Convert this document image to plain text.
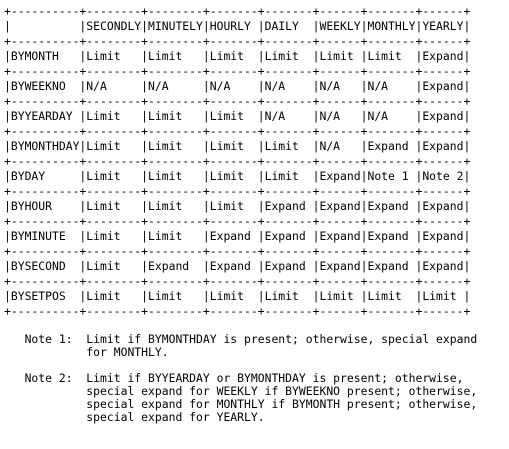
+----------+--------+--------+-------+-------+------+-------+------+
|          |SECONDLY|MINUTELY|HOURLY |DAILY  |WEEKLY|MONTHLY|YEARLY|
+----------+--------+--------+-------+-------+------+-------+------+
|BYMONTH   |Limit   |Limit   |Limit  |Limit  |Limit |Limit  |Expand|
+----------+--------+--------+-------+-------+------+-------+------+
|BYWEEKNO  |N/A     |N/A     |N/A    |N/A    |N/A   |N/A    |Expand|
+----------+--------+--------+-------+-------+------+-------+------+
|BYYEARDAY |Limit   |Limit   |Limit  |N/A    |N/A   |N/A    |Expand|
+----------+--------+--------+-------+-------+------+-------+------+
|BYMONTHDAY|Limit   |Limit   |Limit  |Limit  |N/A   |Expand |Expand|
+----------+--------+--------+-------+-------+------+-------+------+
|BYDAY     |Limit   |Limit   |Limit  |Limit  |Expand|Note 1 |Note 2|
+----------+--------+--------+-------+-------+------+-------+------+
|BYHOUR    |Limit   |Limit   |Limit  |Expand |Expand|Expand |Expand|
+----------+--------+--------+-------+-------+------+-------+------+
|BYMINUTE  |Limit   |Limit   |Expand |Expand |Expand|Expand |Expand|
+----------+--------+--------+-------+-------+------+-------+------+
|BYSECOND  |Limit   |Expand  |Expand |Expand |Expand|Expand |Expand|
+----------+--------+--------+-------+-------+------+-------+------+
|BYSETPOS  |Limit   |Limit   |Limit  |Limit  |Limit |Limit  |Limit |
+----------+--------+--------+-------+-------+------+-------+------+
Note 1:  Limit if BYMONTHDAY is present; otherwise, special expand
for MONTHLY.

Note 2:  Limit if BYYEARDAY or BYMONTHDAY is present; otherwise,
special expand for WEEKLY if BYWEEKNO present; otherwise,
special expand for MONTHLY if BYMONTH present; otherwise,
special expand for YEARLY.
